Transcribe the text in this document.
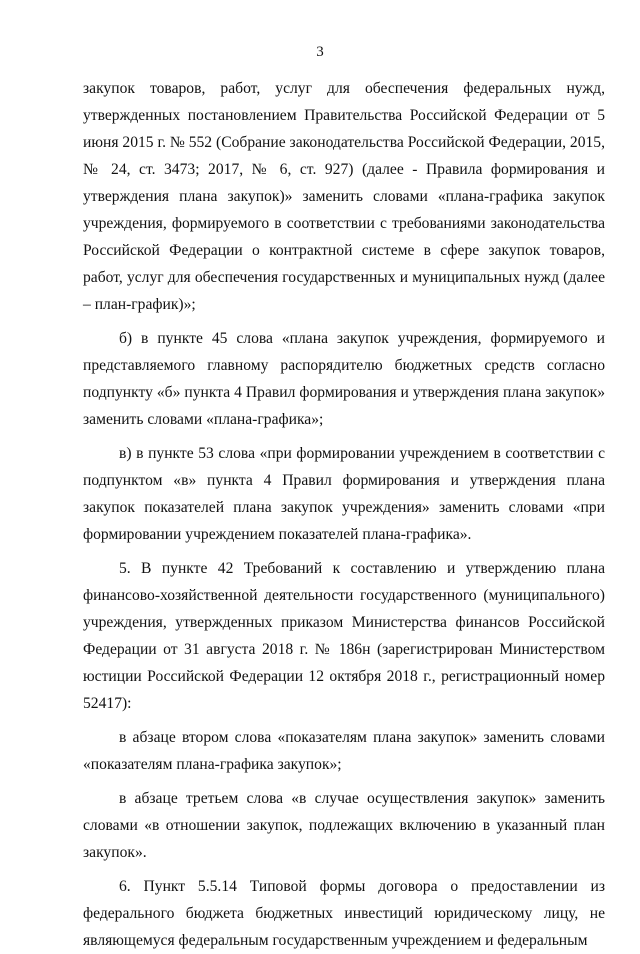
3

закупок товаров, работ, услуг для обеспечения федеральных нужд, утвержденных постановлением Правительства Российской Федерации от 5 июня 2015 г. № 552 (Собрание законодательства Российской Федерации, 2015, № 24, ст. 3473; 2017, № 6, ст. 927) (далее - Правила формирования и утверждения плана закупок)» заменить словами «плана-графика закупок учреждения, формируемого в соответствии с требованиями законодательства Российской Федерации о контрактной системе в сфере закупок товаров, работ, услуг для обеспечения государственных и муниципальных нужд (далее – план-график)»;

б) в пункте 45 слова «плана закупок учреждения, формируемого и представляемого главному распорядителю бюджетных средств согласно подпункту «б» пункта 4 Правил формирования и утверждения плана закупок» заменить словами «плана-графика»;

в) в пункте 53 слова «при формировании учреждением в соответствии с подпунктом «в» пункта 4 Правил формирования и утверждения плана закупок показателей плана закупок учреждения» заменить словами «при формировании учреждением показателей плана-графика».

5. В пункте 42 Требований к составлению и утверждению плана финансово-хозяйственной деятельности государственного (муниципального) учреждения, утвержденных приказом Министерства финансов Российской Федерации от 31 августа 2018 г. № 186н (зарегистрирован Министерством юстиции Российской Федерации 12 октября 2018 г., регистрационный номер 52417):

в абзаце втором слова «показателям плана закупок» заменить словами «показателям плана-графика закупок»;

в абзаце третьем слова «в случае осуществления закупок» заменить словами «в отношении закупок, подлежащих включению в указанный план закупок».

6. Пункт 5.5.14 Типовой формы договора о предоставлении из федерального бюджета бюджетных инвестиций юридическому лицу, не являющемуся федеральным государственным учреждением и федеральным
